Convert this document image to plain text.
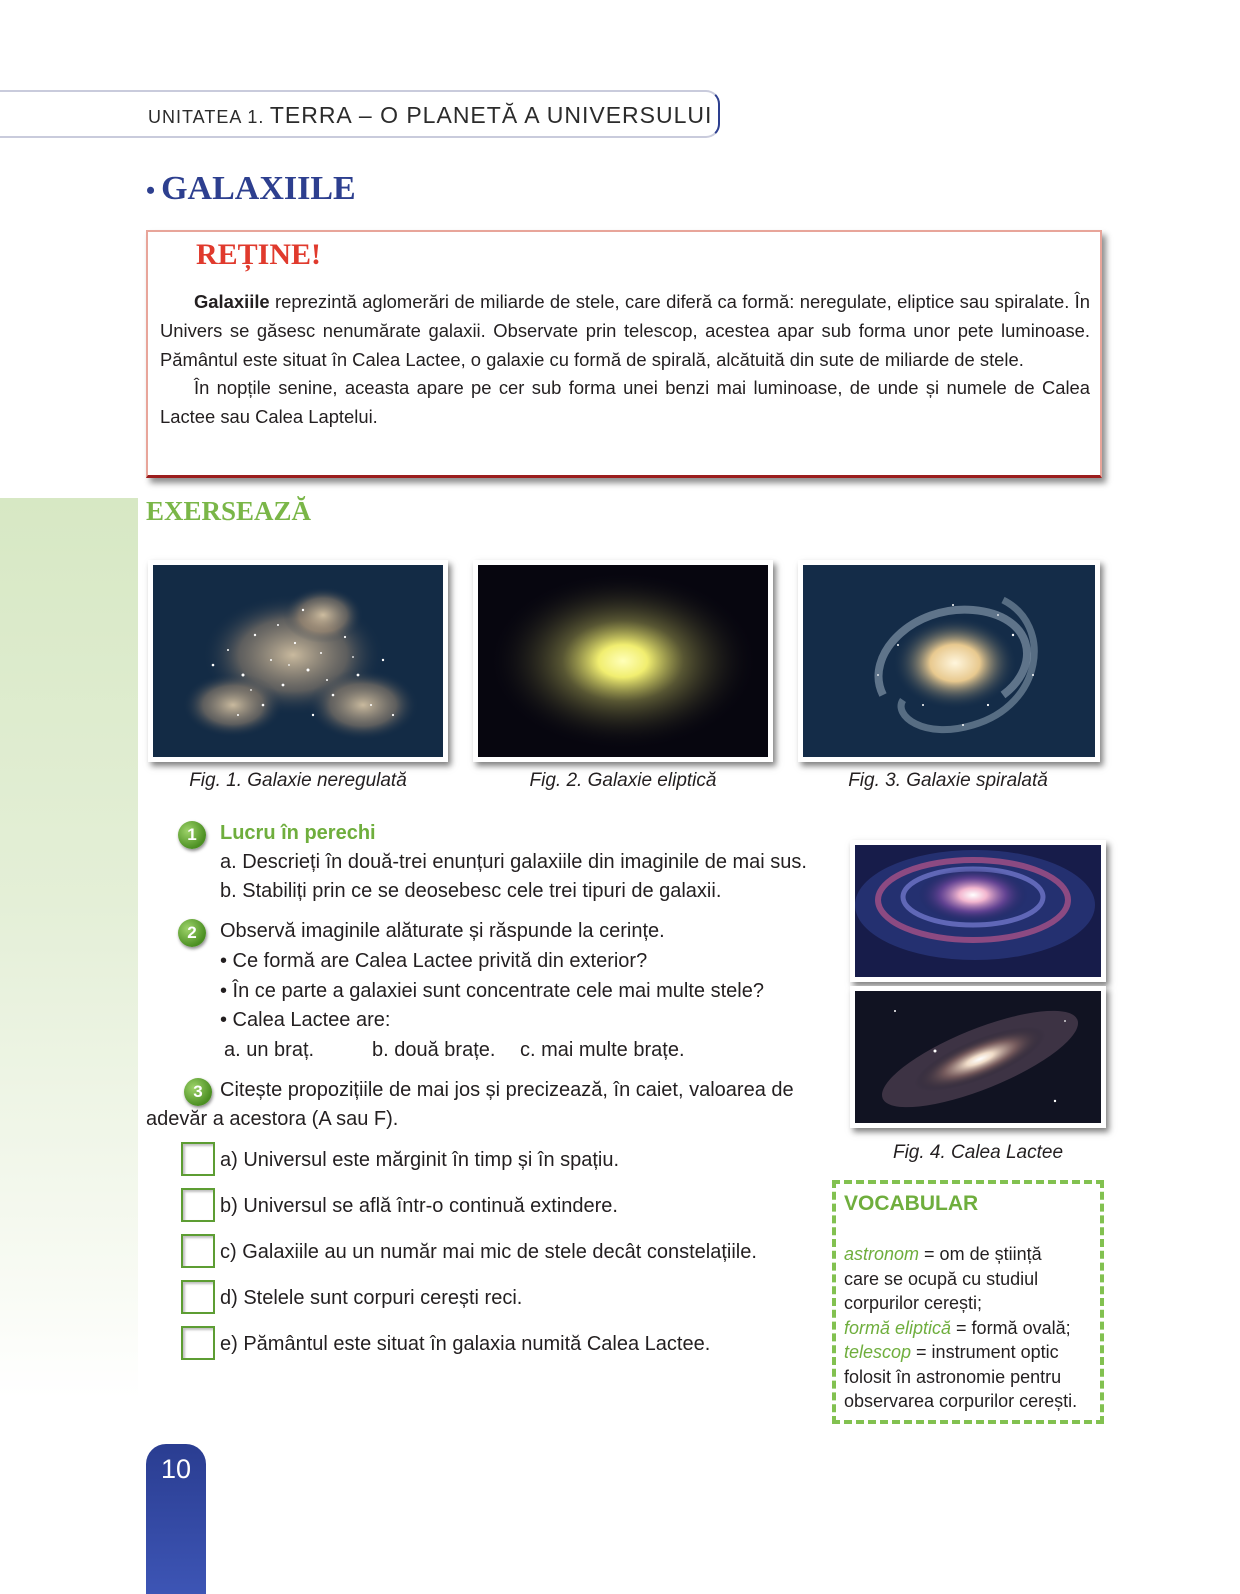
UNITATEA 1. TERRA – O PLANETĂ A UNIVERSULUI
• GALAXIILE
REȚINE!

Galaxiile reprezintă aglomerări de miliarde de stele, care diferă ca formă: neregulate, eliptice sau spiralate. În Univers se găsesc nenumărate galaxii. Observate prin telescop, acestea apar sub forma unor pete luminoase. Pământul este situat în Calea Lactee, o galaxie cu formă de spirală, alcătuită din sute de miliarde de stele.

În nopțile senine, aceasta apare pe cer sub forma unei benzi mai luminoase, de unde și numele de Calea Lactee sau Calea Laptelui.

EXERSEAZĂ
Fig. 1. Galaxie neregulată	Fig. 2. Galaxie eliptică	Fig. 3. Galaxie spiralată
Fig. 4. Calea Lactee
1	Lucru în perechi
a. Descrieți în două-trei enunțuri galaxiile din imaginile de mai sus.
b. Stabiliți prin ce se deosebesc cele trei tipuri de galaxii.
2	Observă imaginile alăturate și răspunde la cerințe.
• Ce formă are Calea Lactee privită din exterior?
• În ce parte a galaxiei sunt concentrate cele mai multe stele?
• Calea Lactee are:
a. un braț.	b. două brațe. c. mai multe brațe.
3 Citește propozițiile de mai jos și precizează, în caiet, valoarea de
adevăr a acestora (A sau F).
a) Universul este mărginit în timp și în spațiu.
b) Universul se află într-o continuă extindere.
c) Galaxiile au un număr mai mic de stele decât constelațiile.
d) Stelele sunt corpuri cerești reci.
e) Pământul este situat în galaxia numită Calea Lactee.
VOCABULAR
astronom = om de știință
care se ocupă cu studiul
corpurilor cerești;
formă eliptică = formă ovală;
telescop = instrument optic
folosit în astronomie pentru
observarea corpurilor cerești.
10
